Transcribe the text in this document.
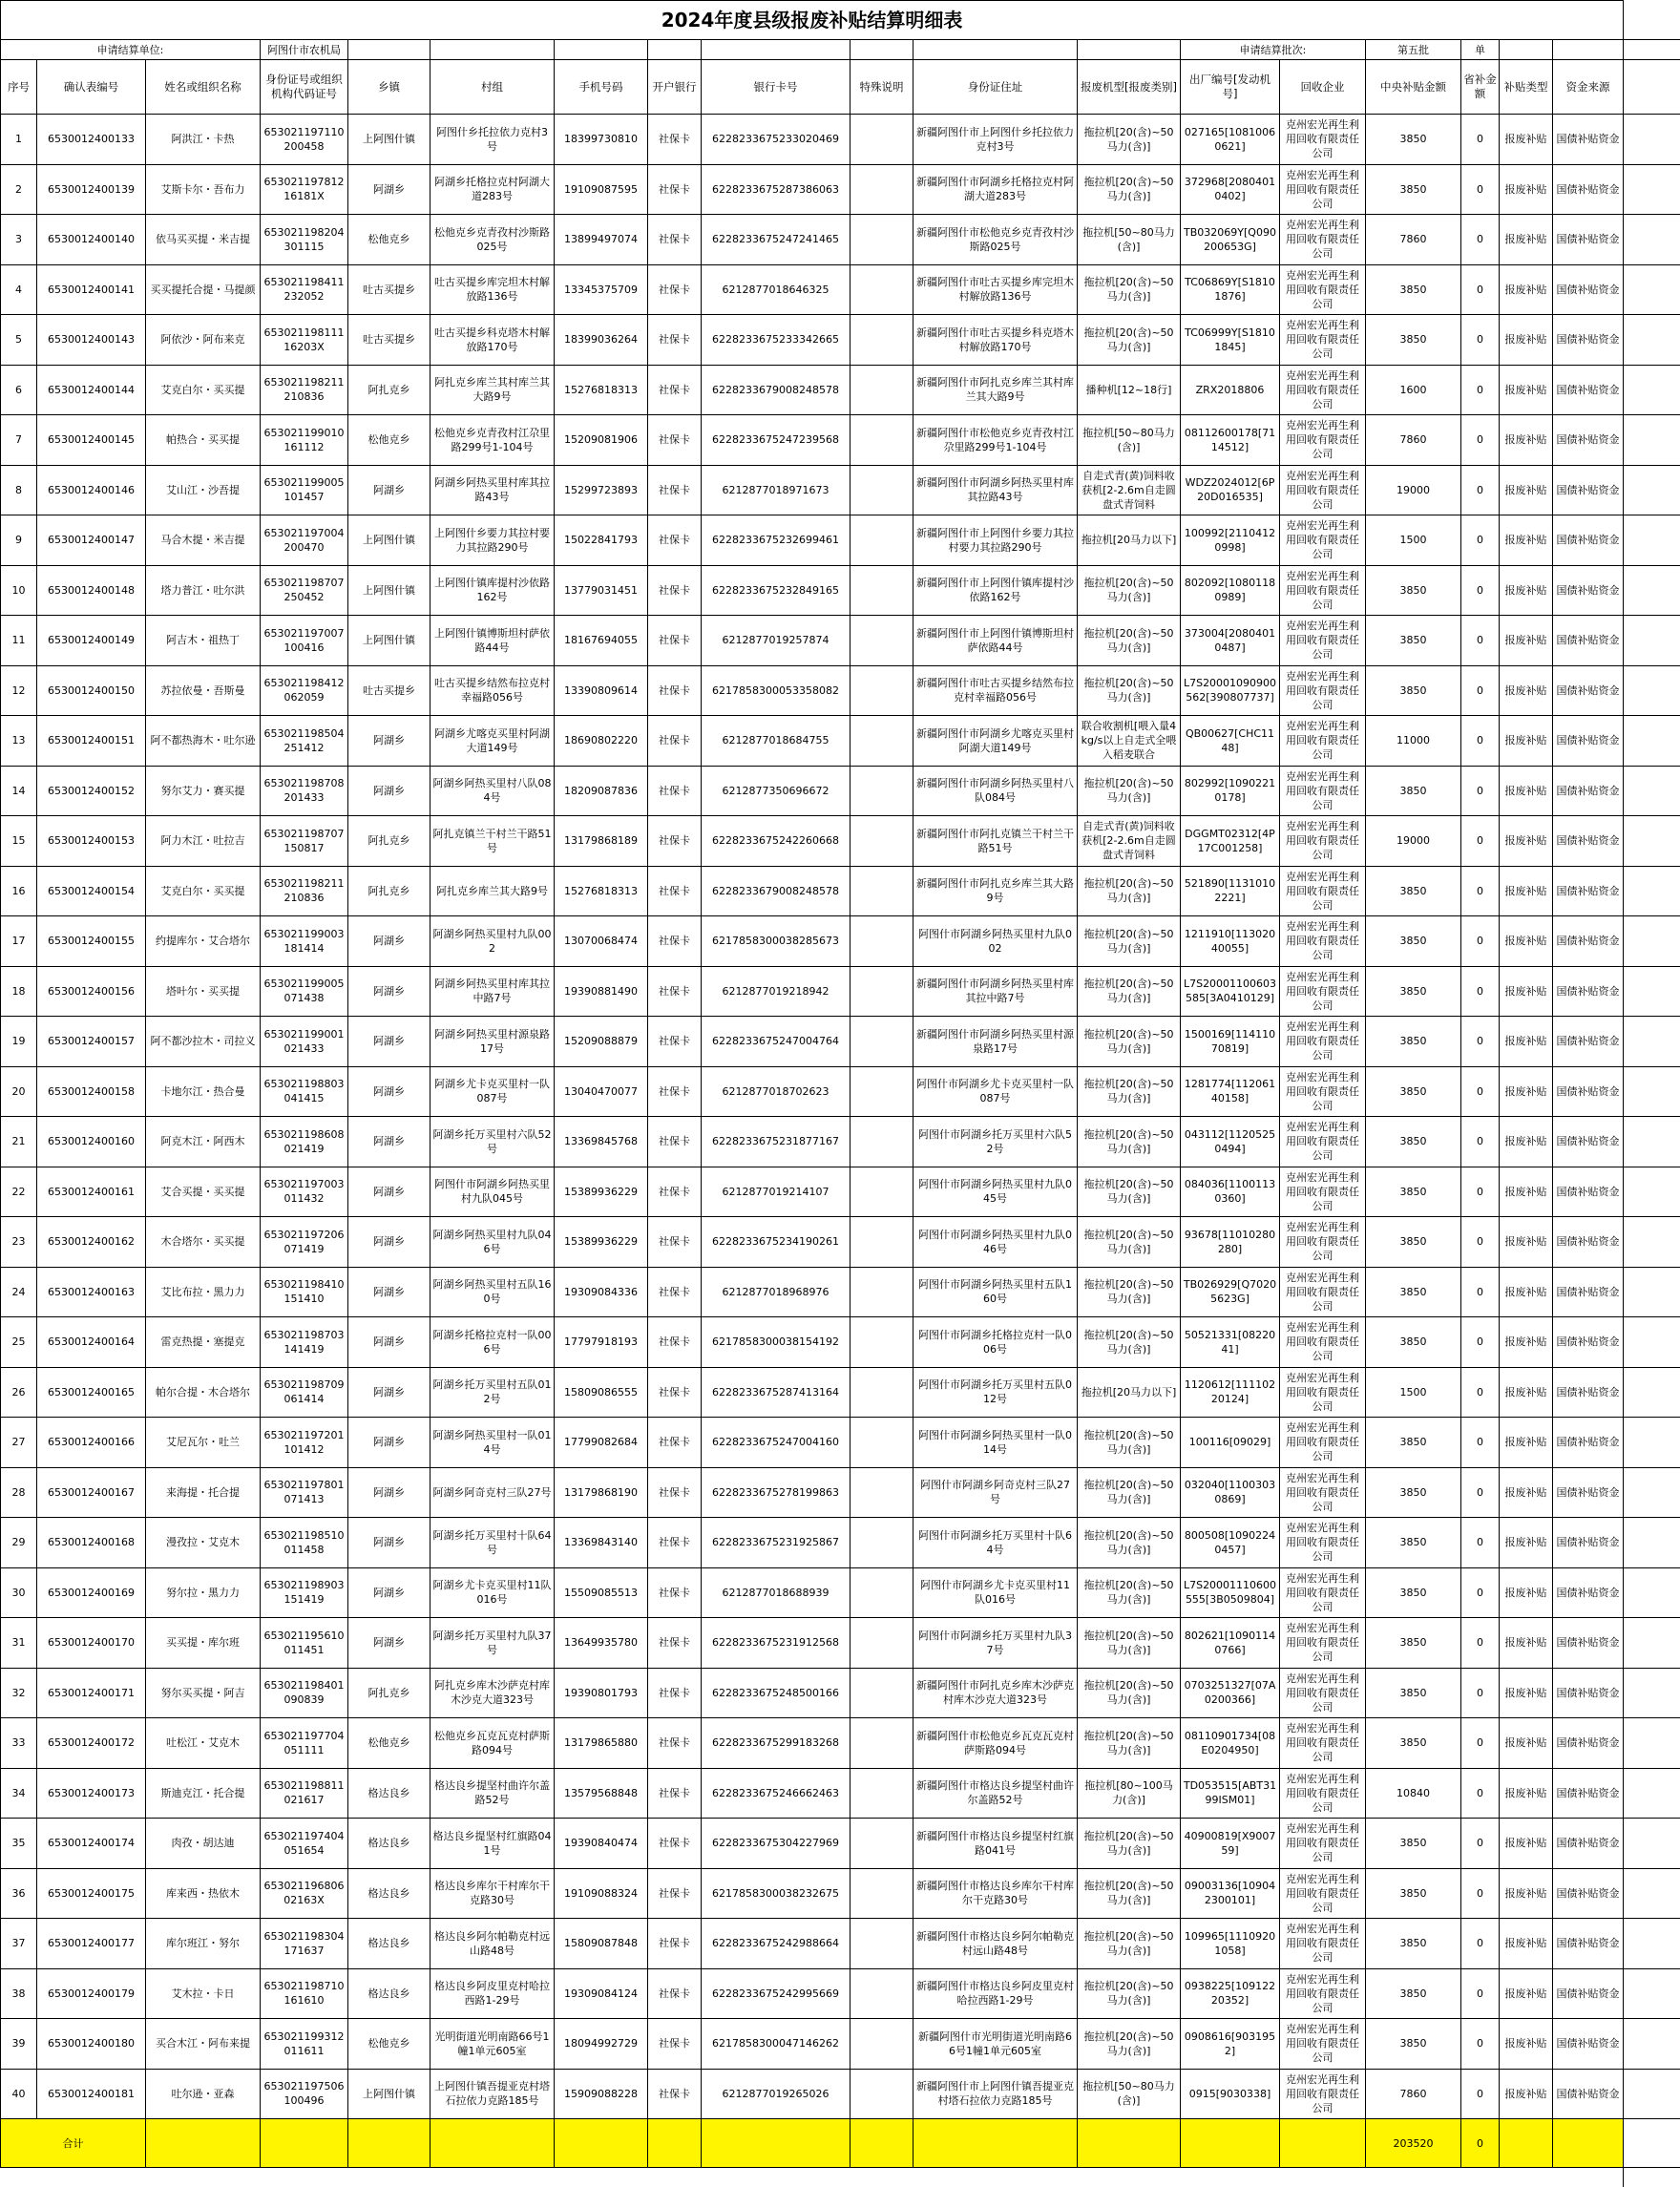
2024年度县级报废补贴结算明细表																	
申请结算单位:			阿图什市农机局									申请结算批次:		第五批	单		
序号	确认表编号	姓名或组织名称	身份证号或组织机构代码证号	乡镇	村组	手机号码	开户银行	银行卡号	特殊说明	身份证住址	报废机型[报废类别]	出厂编号[发动机号]	回收企业	中央补贴金额	省补金额	补贴类型	资金来源
1	6530012400133	阿洪江・卡热	653021197110200458	上阿图什镇	阿图什乡托拉依力克村3号	18399730810	社保卡	6228233675233020469		新疆阿图什市上阿图什乡托拉依力克村3号	拖拉机[20(含)~50马力(含)]	027165[10810060621]	克州宏光再生利用回收有限责任公司	3850	0	报废补贴	国债补贴资金
2	6530012400139	艾斯卡尔・吾布力	65302119781216181X	阿湖乡	阿湖乡托格拉克村阿湖大道283号	19109087595	社保卡	6228233675287386063		新疆阿图什市阿湖乡托格拉克村阿湖大道283号	拖拉机[20(含)~50马力(含)]	372968[20804010402]	克州宏光再生利用回收有限责任公司	3850	0	报废补贴	国债补贴资金
3	6530012400140	依马买买提・米吉提	653021198204301115	松他克乡	松他克乡克青孜村沙斯路025号	13899497074	社保卡	6228233675247241465		新疆阿图什市松他克乡克青孜村沙斯路025号	拖拉机[50~80马力(含)]	TB032069Y[Q090200653G]	克州宏光再生利用回收有限责任公司	7860	0	报废补贴	国债补贴资金
4	6530012400141	买买提托合提・马提颜	653021198411232052	吐古买提乡	吐古买提乡库完坦木村解放路136号	13345375709	社保卡	6212877018646325		新疆阿图什市吐古买提乡库完坦木村解放路136号	拖拉机[20(含)~50马力(含)]	TC06869Y[S18101876]	克州宏光再生利用回收有限责任公司	3850	0	报废补贴	国债补贴资金
5	6530012400143	阿依沙・阿布来克	65302119811116203X	吐古买提乡	吐古买提乡科克塔木村解放路170号	18399036264	社保卡	6228233675233342665		新疆阿图什市吐古买提乡科克塔木村解放路170号	拖拉机[20(含)~50马力(含)]	TC06999Y[S18101845]	克州宏光再生利用回收有限责任公司	3850	0	报废补贴	国债补贴资金
6	6530012400144	艾克白尔・买买提	653021198211210836	阿扎克乡	阿扎克乡库兰其村库兰其大路9号	15276818313	社保卡	6228233679008248578		新疆阿图什市阿扎克乡库兰其村库兰其大路9号	播种机[12~18行]	ZRX2018806	克州宏光再生利用回收有限责任公司	1600	0	报废补贴	国债补贴资金
7	6530012400145	帕热合・买买提	653021199010161112	松他克乡	松他克乡克青孜村江尕里路299号1-104号	15209081906	社保卡	6228233675247239568		新疆阿图什市松他克乡克青孜村江尕里路299号1-104号	拖拉机[50~80马力(含)]	08112600178[7114512]	克州宏光再生利用回收有限责任公司	7860	0	报废补贴	国债补贴资金
8	6530012400146	艾山江・沙吾提	653021199005101457	阿湖乡	阿湖乡阿热买里村库其拉路43号	15299723893	社保卡	6212877018971673		新疆阿图什市阿湖乡阿热买里村库其拉路43号	自走式青(黄)饲料收获机[2-2.6m自走圆盘式青饲料	WDZ2024012[6P20D016535]	克州宏光再生利用回收有限责任公司	19000	0	报废补贴	国债补贴资金
9	6530012400147	马合木提・米吉提	653021197004200470	上阿图什镇	上阿图什乡要力其拉村要力其拉路290号	15022841793	社保卡	6228233675232699461		新疆阿图什市上阿图什乡要力其拉村要力其拉路290号	拖拉机[20马力以下]	100992[21104120998]	克州宏光再生利用回收有限责任公司	1500	0	报废补贴	国债补贴资金
10	6530012400148	塔力普江・吐尔洪	653021198707250452	上阿图什镇	上阿图什镇库提村沙依路162号	13779031451	社保卡	6228233675232849165		新疆阿图什市上阿图什镇库提村沙依路162号	拖拉机[20(含)~50马力(含)]	802092[10801180989]	克州宏光再生利用回收有限责任公司	3850	0	报废补贴	国债补贴资金
11	6530012400149	阿吉木・祖热丁	653021197007100416	上阿图什镇	上阿图什镇博斯坦村萨依路44号	18167694055	社保卡	6212877019257874		新疆阿图什市上阿图什镇博斯坦村萨依路44号	拖拉机[20(含)~50马力(含)]	373004[20804010487]	克州宏光再生利用回收有限责任公司	3850	0	报废补贴	国债补贴资金
12	6530012400150	苏拉依曼・吾斯曼	653021198412062059	吐古买提乡	吐古买提乡结然布拉克村幸福路056号	13390809614	社保卡	6217858300053358082		新疆阿图什市吐古买提乡结然布拉克村幸福路056号	拖拉机[20(含)~50马力(含)]	L7S20001090900562[390807737]	克州宏光再生利用回收有限责任公司	3850	0	报废补贴	国债补贴资金
13	6530012400151	阿不都热海木・吐尔逊	653021198504251412	阿湖乡	阿湖乡尤喀克买里村阿湖大道149号	18690802220	社保卡	6212877018684755		新疆阿图什市阿湖乡尤喀克买里村阿湖大道149号	联合收割机[喂入量4kg/s以上自走式全喂入稻麦联合	QB00627[CHC1148]	克州宏光再生利用回收有限责任公司	11000	0	报废补贴	国债补贴资金
14	6530012400152	努尔艾力・赛买提	653021198708201433	阿湖乡	阿湖乡阿热买里村八队084号	18209087836	社保卡	6212877350696672		新疆阿图什市阿湖乡阿热买里村八队084号	拖拉机[20(含)~50马力(含)]	802992[10902210178]	克州宏光再生利用回收有限责任公司	3850	0	报废补贴	国债补贴资金
15	6530012400153	阿力木江・吐拉吉	653021198707150817	阿扎克乡	阿扎克镇兰干村兰干路51号	13179868189	社保卡	6228233675242260668		新疆阿图什市阿扎克镇兰干村兰干路51号	自走式青(黄)饲料收获机[2-2.6m自走圆盘式青饲料	DGGMT02312[4P17C001258]	克州宏光再生利用回收有限责任公司	19000	0	报废补贴	国债补贴资金
16	6530012400154	艾克白尔・买买提	653021198211210836	阿扎克乡	阿扎克乡库兰其大路9号	15276818313	社保卡	6228233679008248578		新疆阿图什市阿扎克乡库兰其大路9号	拖拉机[20(含)~50马力(含)]	521890[11310102221]	克州宏光再生利用回收有限责任公司	3850	0	报废补贴	国债补贴资金
17	6530012400155	约提库尔・艾合塔尔	653021199003181414	阿湖乡	阿湖乡阿热买里村九队002	13070068474	社保卡	6217858300038285673		阿图什市阿湖乡阿热买里村九队002	拖拉机[20(含)~50马力(含)]	1211910[11302040055]	克州宏光再生利用回收有限责任公司	3850	0	报废补贴	国债补贴资金
18	6530012400156	塔叶尔・买买提	653021199005071438	阿湖乡	阿湖乡阿热买里村库其拉中路7号	19390881490	社保卡	6212877019218942		新疆阿图什市阿湖乡阿热买里村库其拉中路7号	拖拉机[20(含)~50马力(含)]	L7S20001100603585[3A0410129]	克州宏光再生利用回收有限责任公司	3850	0	报废补贴	国债补贴资金
19	6530012400157	阿不都沙拉木・司拉义	653021199001021433	阿湖乡	阿湖乡阿热买里村源泉路17号	15209088879	社保卡	6228233675247004764		新疆阿图什市阿湖乡阿热买里村源泉路17号	拖拉机[20(含)~50马力(含)]	1500169[11411070819]	克州宏光再生利用回收有限责任公司	3850	0	报废补贴	国债补贴资金
20	6530012400158	卡地尔江・热合曼	653021198803041415	阿湖乡	阿湖乡尤卡克买里村一队087号	13040470077	社保卡	6212877018702623		阿图什市阿湖乡尤卡克买里村一队087号	拖拉机[20(含)~50马力(含)]	1281774[11206140158]	克州宏光再生利用回收有限责任公司	3850	0	报废补贴	国债补贴资金
21	6530012400160	阿克木江・阿西木	653021198608021419	阿湖乡	阿湖乡托万买里村六队52号	13369845768	社保卡	6228233675231877167		阿图什市阿湖乡托万买里村六队52号	拖拉机[20(含)~50马力(含)]	043112[11205250494]	克州宏光再生利用回收有限责任公司	3850	0	报废补贴	国债补贴资金
22	6530012400161	艾合买提・买买提	653021197003011432	阿湖乡	阿图什市阿湖乡阿热买里村九队045号	15389936229	社保卡	6212877019214107		阿图什市阿湖乡阿热买里村九队045号	拖拉机[20(含)~50马力(含)]	084036[11001130360]	克州宏光再生利用回收有限责任公司	3850	0	报废补贴	国债补贴资金
23	6530012400162	木合塔尔・买买提	653021197206071419	阿湖乡	阿湖乡阿热买里村九队046号	15389936229	社保卡	6228233675234190261		阿图什市阿湖乡阿热买里村九队046号	拖拉机[20(含)~50马力(含)]	93678[11010280280]	克州宏光再生利用回收有限责任公司	3850	0	报废补贴	国债补贴资金
24	6530012400163	艾比布拉・黑力力	653021198410151410	阿湖乡	阿湖乡阿热买里村五队160号	19309084336	社保卡	6212877018968976		阿图什市阿湖乡阿热买里村五队160号	拖拉机[20(含)~50马力(含)]	TB026929[Q70205623G]	克州宏光再生利用回收有限责任公司	3850	0	报废补贴	国债补贴资金
25	6530012400164	雷克热提・塞提克	653021198703141419	阿湖乡	阿湖乡托格拉克村一队006号	17797918193	社保卡	6217858300038154192		阿图什市阿湖乡托格拉克村一队006号	拖拉机[20(含)~50马力(含)]	50521331[0822041]	克州宏光再生利用回收有限责任公司	3850	0	报废补贴	国债补贴资金
26	6530012400165	帕尔合提・木合塔尔	653021198709061414	阿湖乡	阿湖乡托万买里村五队012号	15809086555	社保卡	6228233675287413164		阿图什市阿湖乡托万买里村五队012号	拖拉机[20马力以下]	1120612[11110220124]	克州宏光再生利用回收有限责任公司	1500	0	报废补贴	国债补贴资金
27	6530012400166	艾尼瓦尔・吐兰	653021197201101412	阿湖乡	阿湖乡阿热买里村一队014号	17799082684	社保卡	6228233675247004160		阿图什市阿湖乡阿热买里村一队014号	拖拉机[20(含)~50马力(含)]	100116[09029]	克州宏光再生利用回收有限责任公司	3850	0	报废补贴	国债补贴资金
28	6530012400167	来海提・托合提	653021197801071413	阿湖乡	阿湖乡阿奇克村三队27号	13179868190	社保卡	6228233675278199863		阿图什市阿湖乡阿奇克村三队27号	拖拉机[20(含)~50马力(含)]	032040[11003030869]	克州宏光再生利用回收有限责任公司	3850	0	报废补贴	国债补贴资金
29	6530012400168	漫孜拉・艾克木	653021198510011458	阿湖乡	阿湖乡托万买里村十队64号	13369843140	社保卡	6228233675231925867		阿图什市阿湖乡托万买里村十队64号	拖拉机[20(含)~50马力(含)]	800508[10902240457]	克州宏光再生利用回收有限责任公司	3850	0	报废补贴	国债补贴资金
30	6530012400169	努尔拉・黑力力	653021198903151419	阿湖乡	阿湖乡尤卡克买里村11队016号	15509085513	社保卡	6212877018688939		阿图什市阿湖乡尤卡克买里村11队016号	拖拉机[20(含)~50马力(含)]	L7S20001110600555[3B0509804]	克州宏光再生利用回收有限责任公司	3850	0	报废补贴	国债补贴资金
31	6530012400170	买买提・库尔班	653021195610011451	阿湖乡	阿湖乡托万买里村九队37号	13649935780	社保卡	6228233675231912568		阿图什市阿湖乡托万买里村九队37号	拖拉机[20(含)~50马力(含)]	802621[10901140766]	克州宏光再生利用回收有限责任公司	3850	0	报废补贴	国债补贴资金
32	6530012400171	努尔买买提・阿吉	653021198401090839	阿扎克乡	阿扎克乡库木沙萨克村库木沙克大道323号	19390801793	社保卡	6228233675248500166		新疆阿图什市阿扎克乡库木沙萨克村库木沙克大道323号	拖拉机[20(含)~50马力(含)]	0703251327[07A0200366]	克州宏光再生利用回收有限责任公司	3850	0	报废补贴	国债补贴资金
33	6530012400172	吐松江・艾克木	653021197704051111	松他克乡	松他克乡瓦克瓦克村萨斯路094号	13179865880	社保卡	6228233675299183268		新疆阿图什市松他克乡瓦克瓦克村萨斯路094号	拖拉机[20(含)~50马力(含)]	08110901734[08E0204950]	克州宏光再生利用回收有限责任公司	3850	0	报废补贴	国债补贴资金
34	6530012400173	斯迪克江・托合提	653021198811021617	格达良乡	格达良乡提坚村曲许尔盖路52号	13579568848	社保卡	6228233675246662463		新疆阿图什市格达良乡提坚村曲许尔盖路52号	拖拉机[80~100马力(含)]	TD053515[ABT3199ISM01]	克州宏光再生利用回收有限责任公司	10840	0	报废补贴	国债补贴资金
35	6530012400174	肉孜・胡达迪	653021197404051654	格达良乡	格达良乡提坚村红旗路041号	19390840474	社保卡	6228233675304227969		新疆阿图什市格达良乡提坚村红旗路041号	拖拉机[20(含)~50马力(含)]	40900819[X900759]	克州宏光再生利用回收有限责任公司	3850	0	报废补贴	国债补贴资金
36	6530012400175	库来西・热依木	65302119680602163X	格达良乡	格达良乡库尔干村库尔干克路30号	19109088324	社保卡	6217858300038232675		新疆阿图什市格达良乡库尔干村库尔干克路30号	拖拉机[20(含)~50马力(含)]	09003136[109042300101]	克州宏光再生利用回收有限责任公司	3850	0	报废补贴	国债补贴资金
37	6530012400177	库尔班江・努尔	653021198304171637	格达良乡	格达良乡阿尔帕勒克村远山路48号	15809087848	社保卡	6228233675242988664		新疆阿图什市格达良乡阿尔帕勒克村远山路48号	拖拉机[20(含)~50马力(含)]	109965[11109201058]	克州宏光再生利用回收有限责任公司	3850	0	报废补贴	国债补贴资金
38	6530012400179	艾木拉・卡日	653021198710161610	格达良乡	格达良乡阿皮里克村哈拉西路1-29号	19309084124	社保卡	6228233675242995669		新疆阿图什市格达良乡阿皮里克村哈拉西路1-29号	拖拉机[20(含)~50马力(含)]	0938225[10912220352]	克州宏光再生利用回收有限责任公司	3850	0	报废补贴	国债补贴资金
39	6530012400180	买合木江・阿布来提	653021199312011611	松他克乡	光明街道光明南路66号1幢1单元605室	18094992729	社保卡	6217858300047146262		新疆阿图什市光明街道光明南路66号1幢1单元605室	拖拉机[20(含)~50马力(含)]	0908616[9031952]	克州宏光再生利用回收有限责任公司	3850	0	报废补贴	国债补贴资金
40	6530012400181	吐尔逊・亚森	653021197506100496	上阿图什镇	上阿图什镇吾提亚克村塔石拉依力克路185号	15909088228	社保卡	6212877019265026		新疆阿图什市上阿图什镇吾提亚克村塔石拉依力克路185号	拖拉机[50~80马力(含)]	0915[9030338]	克州宏光再生利用回收有限责任公司	7860	0	报废补贴	国债补贴资金
合计														203520	0		
